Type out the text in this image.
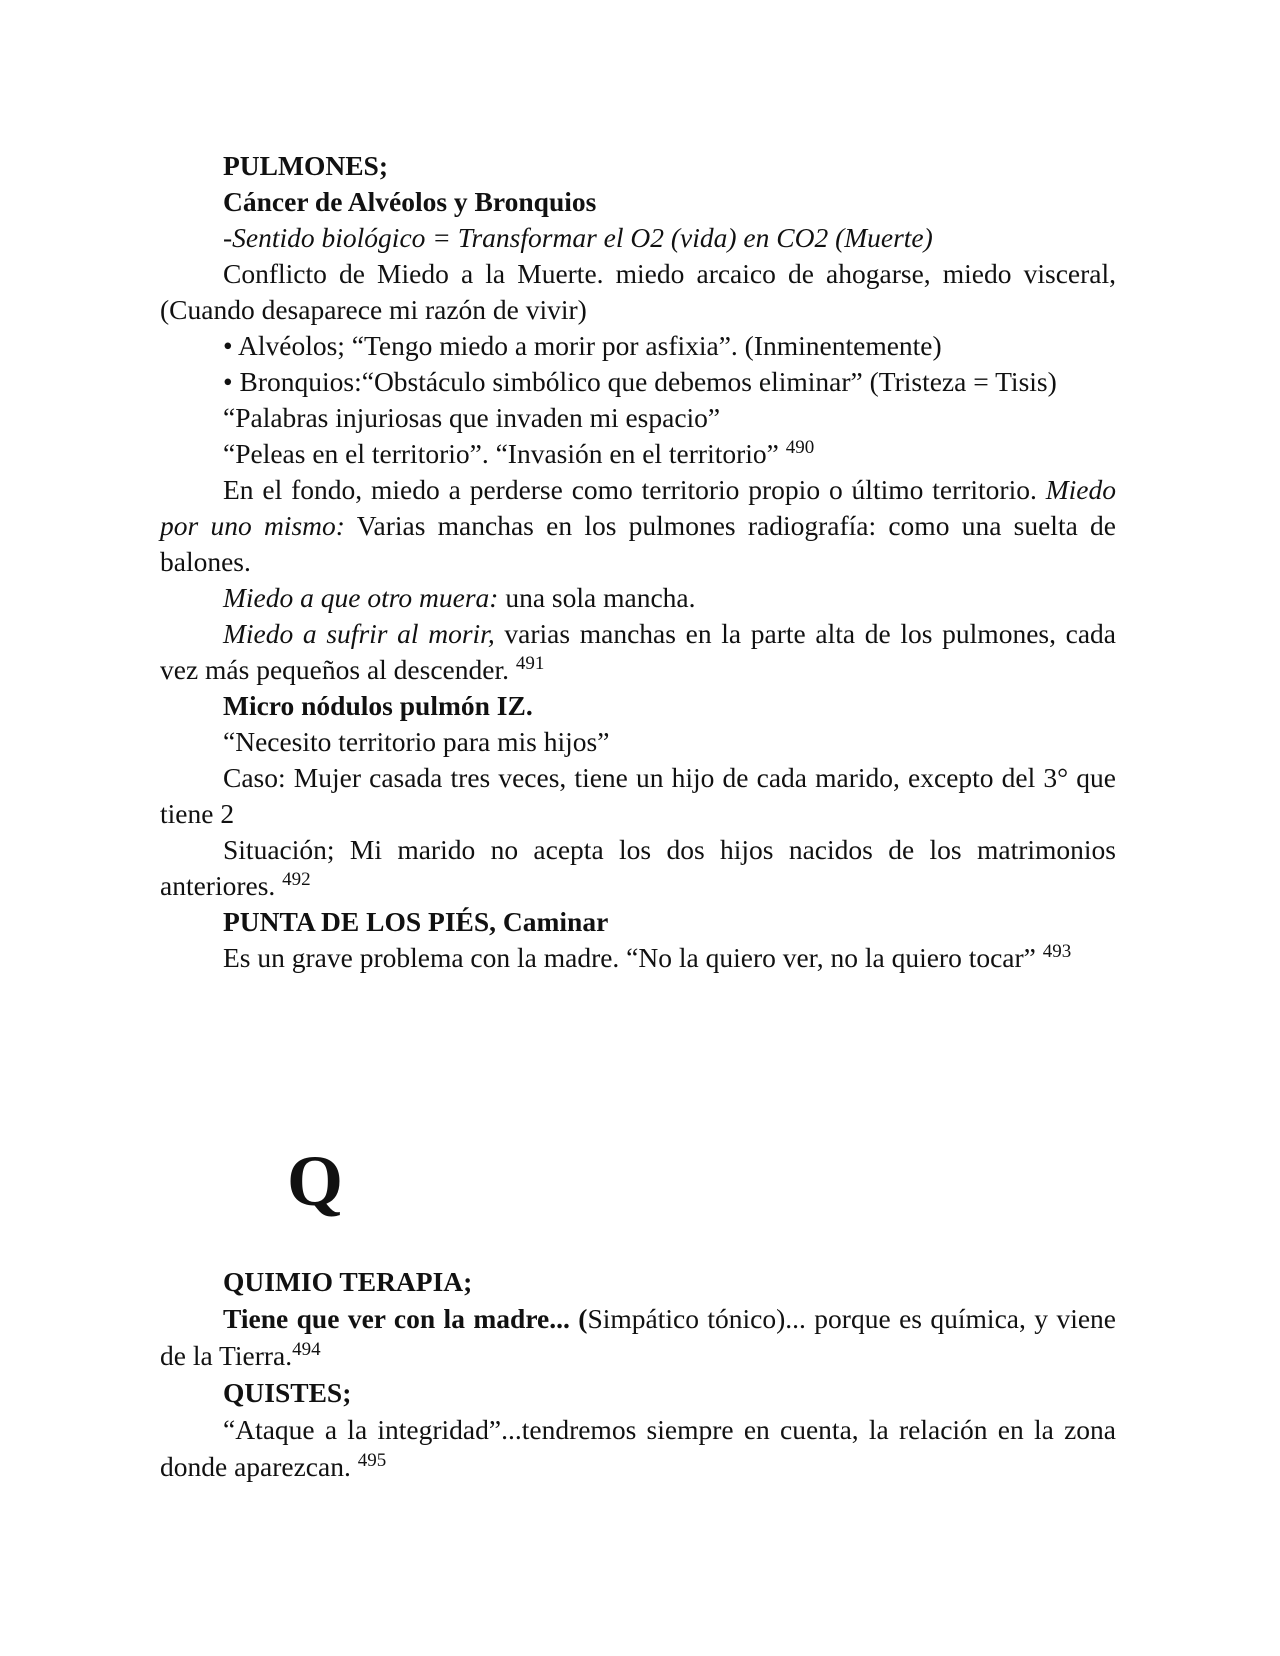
PULMONES;

Cáncer de Alvéolos y Bronquios

-Sentido biológico = Transformar el O2 (vida) en CO2 (Muerte)

Conflicto de Miedo a la Muerte. miedo arcaico de ahogarse, miedo visceral, (Cuando desaparece mi razón de vivir)

• Alvéolos; “Tengo miedo a morir por asfixia”. (Inminentemente)

• Bronquios:“Obstáculo simbólico que debemos eliminar” (Tristeza = Tisis)

“Palabras injuriosas que invaden mi espacio”

“Peleas en el territorio”. “Invasión en el territorio” $^{490}$

En el fondo, miedo a perderse como territorio propio o último territorio. Miedo por uno mismo: Varias manchas en los pulmones radiografía: como una suelta de balones.

Miedo a que otro muera: una sola mancha.

Miedo a sufrir al morir, varias manchas en la parte alta de los pulmones, cada vez más pequeños al descender. $^{491}$

Micro nódulos pulmón IZ.

“Necesito territorio para mis hijos”

Caso: Mujer casada tres veces, tiene un hijo de cada marido, excepto del 3° que tiene 2

Situación; Mi marido no acepta los dos hijos nacidos de los matrimonios anteriores. $^{492}$

PUNTA DE LOS PIÉS, Caminar

Es un grave problema con la madre. “No la quiero ver, no la quiero tocar” $^{493}$

Q

QUIMIO TERAPIA;

Tiene que ver con la madre... (Simpático tónico)... porque es química, y viene de la Tierra.$^{494}$

QUISTES;

“Ataque a la integridad”...tendremos siempre en cuenta, la relación en la zona donde aparezcan. $^{495}$
